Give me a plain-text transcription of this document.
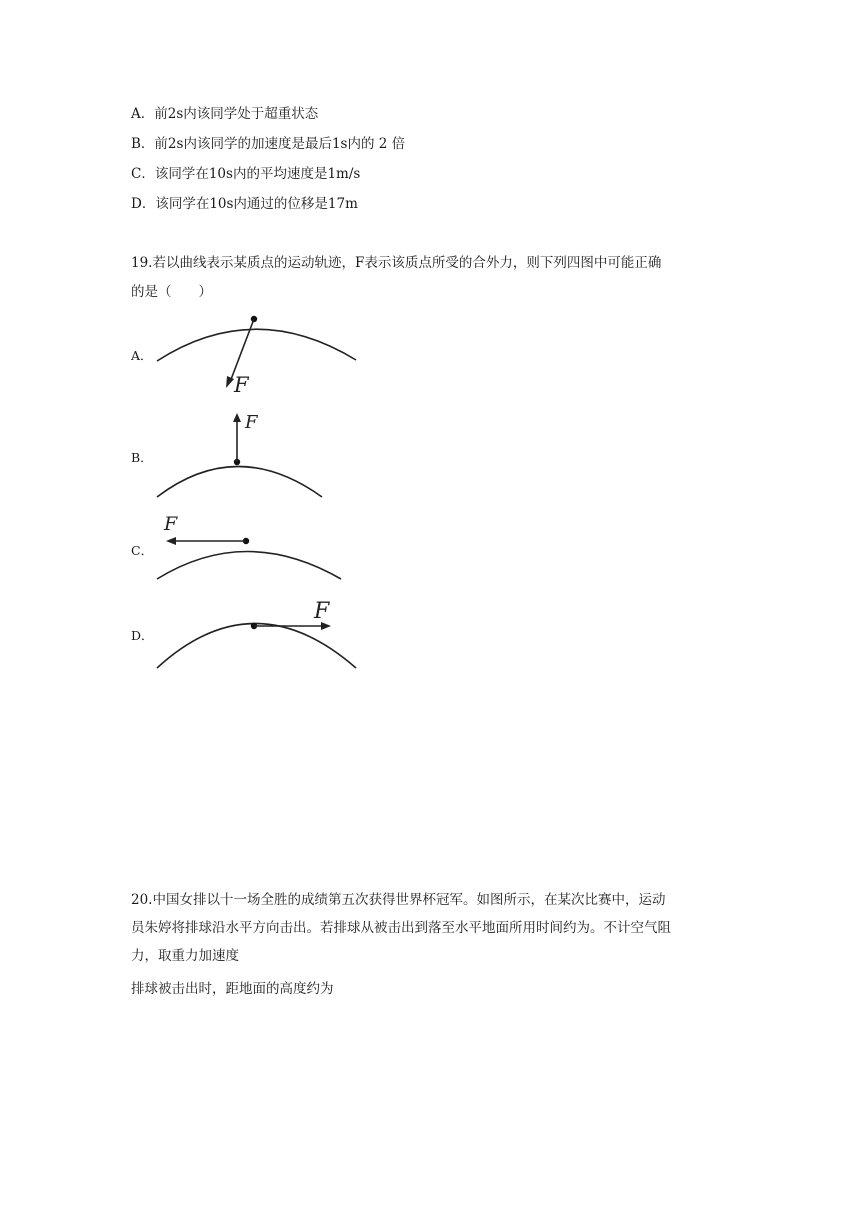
A．前2s内该同学处于超重状态
B．前2s内该同学的加速度是最后1s内的 2 倍
C．该同学在10s内的平均速度是1m/s
D．该同学在10s内通过的位移是17m
19.若以曲线表示某质点的运动轨迹，F表示该质点所受的合外力，则下列四图中可能正确
的是（　　）
A．
F
B．
F
C．
F
D．
F
20.中国女排以十一场全胜的成绩第五次获得世界杯冠军。如图所示，在某次比赛中，运动
员朱婷将排球沿水平方向击出。若排球从被击出到落至水平地面所用时间约为。不计空气阻
力，取重力加速度
排球被击出时，距地面的高度约为
